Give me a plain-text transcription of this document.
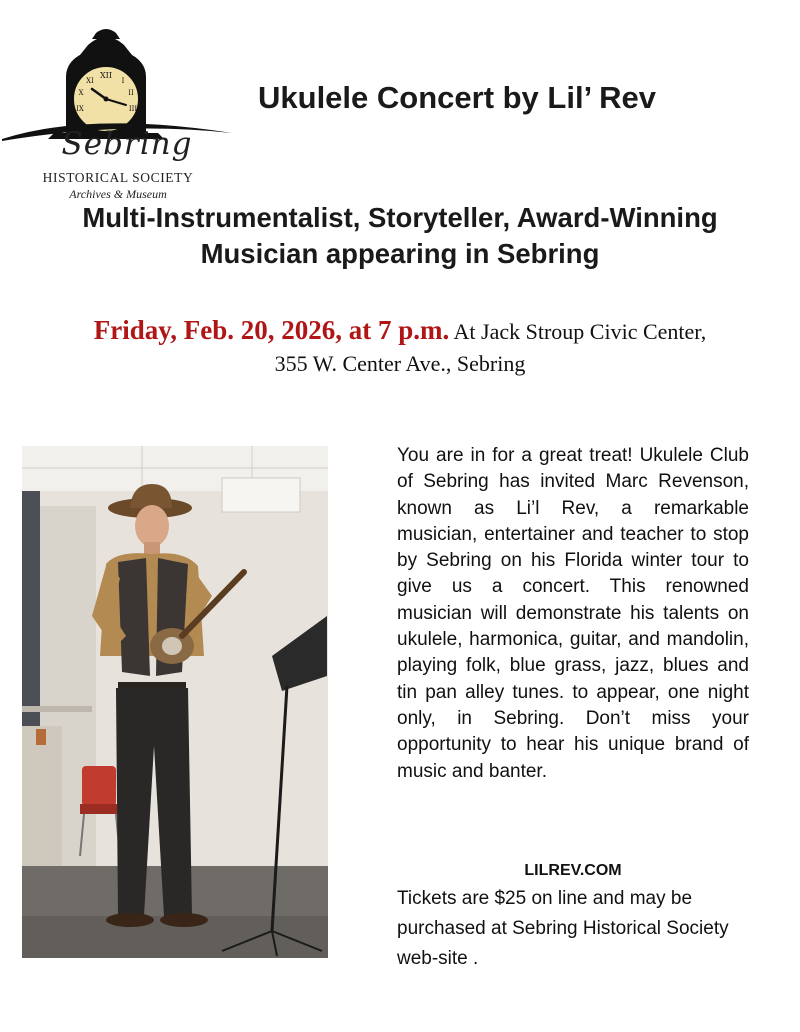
XII
XI	I
X	II
IX	III
Sebring
HISTORICAL SOCIETY
Archives & Museum
Ukulele Concert by Lil’ Rev
Multi-Instrumentalist, Storyteller, Award-Winning
Musician appearing in Sebring
Friday, Feb. 20, 2026, at 7 p.m. At Jack Stroup Civic Center,
355 W. Center Ave., Sebring

You are in for a great treat! Ukulele Club of Sebring has invited Marc Revenson, known as Li’l Rev, a remarkable musician, entertainer and teacher to stop by Sebring on his Florida winter tour to give us a concert. This renowned musician will demonstrate his talents on ukulele, harmonica, guitar, and mandolin, playing folk, blue grass, jazz, blues and tin pan alley tunes. to appear, one night only, in Sebring. Don’t miss your opportunity to hear his unique brand of music and banter.

LILREV.COM
Tickets are $25 on line and may be purchased at Sebring Historical Society web-site .
